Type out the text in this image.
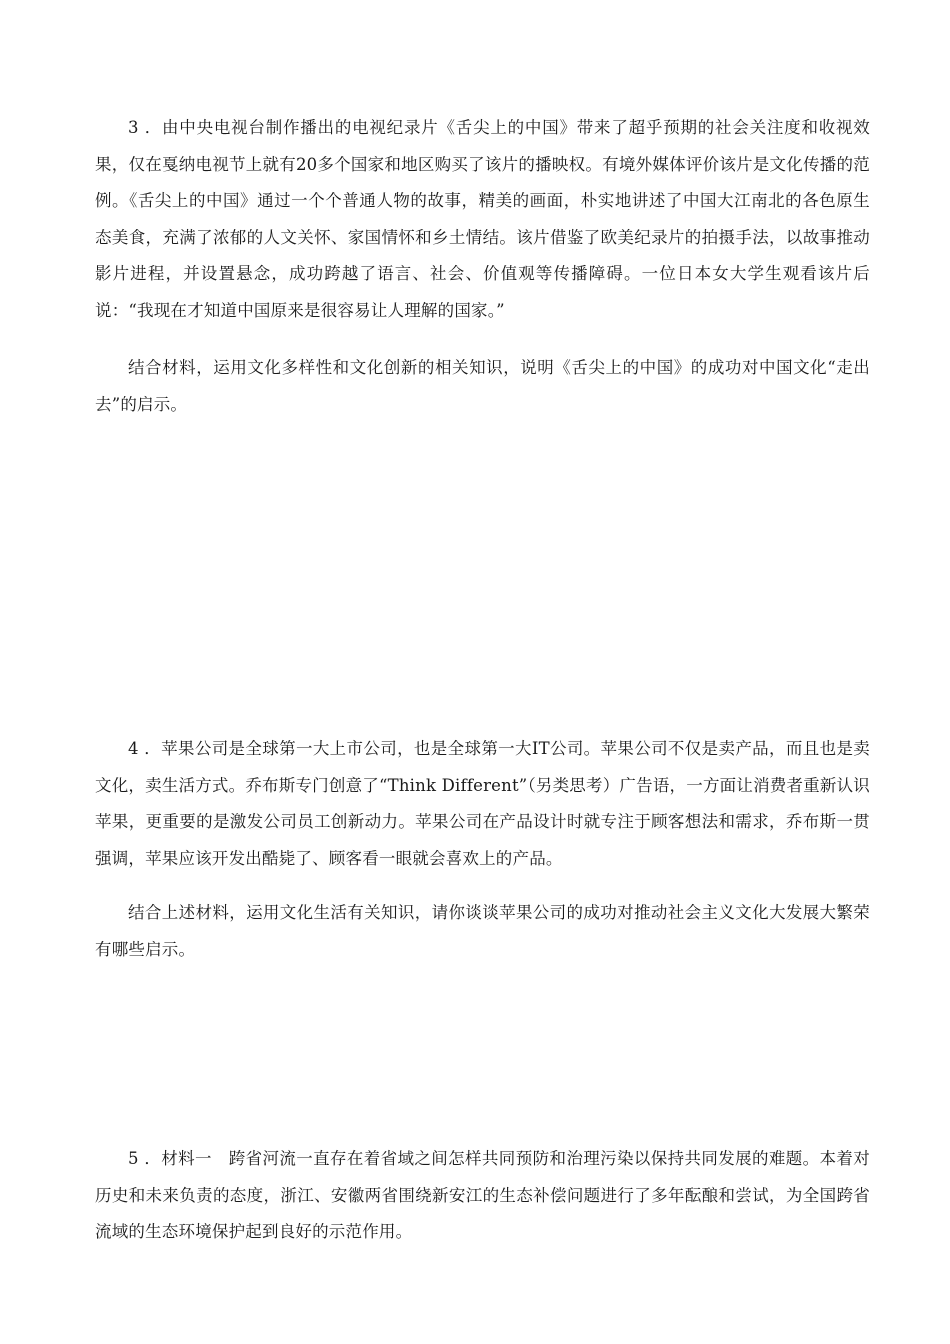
3 ．由中央电视台制作播出的电视纪录片《舌尖上的中国》带来了超乎预期的社会关注度和收视效果，仅在戛纳电视节上就有20多个国家和地区购买了该片的播映权。有境外媒体评价该片是文化传播的范例。《舌尖上的中国》通过一个个普通人物的故事，精美的画面，朴实地讲述了中国大江南北的各色原生态美食，充满了浓郁的人文关怀、家国情怀和乡土情结。该片借鉴了欧美纪录片的拍摄手法，以故事推动影片进程，并设置悬念，成功跨越了语言、社会、价值观等传播障碍。一位日本女大学生观看该片后说：“我现在才知道中国原来是很容易让人理解的国家。”

结合材料，运用文化多样性和文化创新的相关知识，说明《舌尖上的中国》的成功对中国文化“走出去”的启示。

4 ．苹果公司是全球第一大上市公司，也是全球第一大IT公司。苹果公司不仅是卖产品，而且也是卖文化，卖生活方式。乔布斯专门创意了“Think Different”（另类思考）广告语，一方面让消费者重新认识苹果，更重要的是激发公司员工创新动力。苹果公司在产品设计时就专注于顾客想法和需求，乔布斯一贯强调，苹果应该开发出酷毙了、顾客看一眼就会喜欢上的产品。

结合上述材料，运用文化生活有关知识，请你谈谈苹果公司的成功对推动社会主义文化大发展大繁荣有哪些启示。

5 ．材料一　跨省河流一直存在着省域之间怎样共同预防和治理污染以保持共同发展的难题。本着对历史和未来负责的态度，浙江、安徽两省围绕新安江的生态补偿问题进行了多年酝酿和尝试，为全国跨省流域的生态环境保护起到良好的示范作用。
